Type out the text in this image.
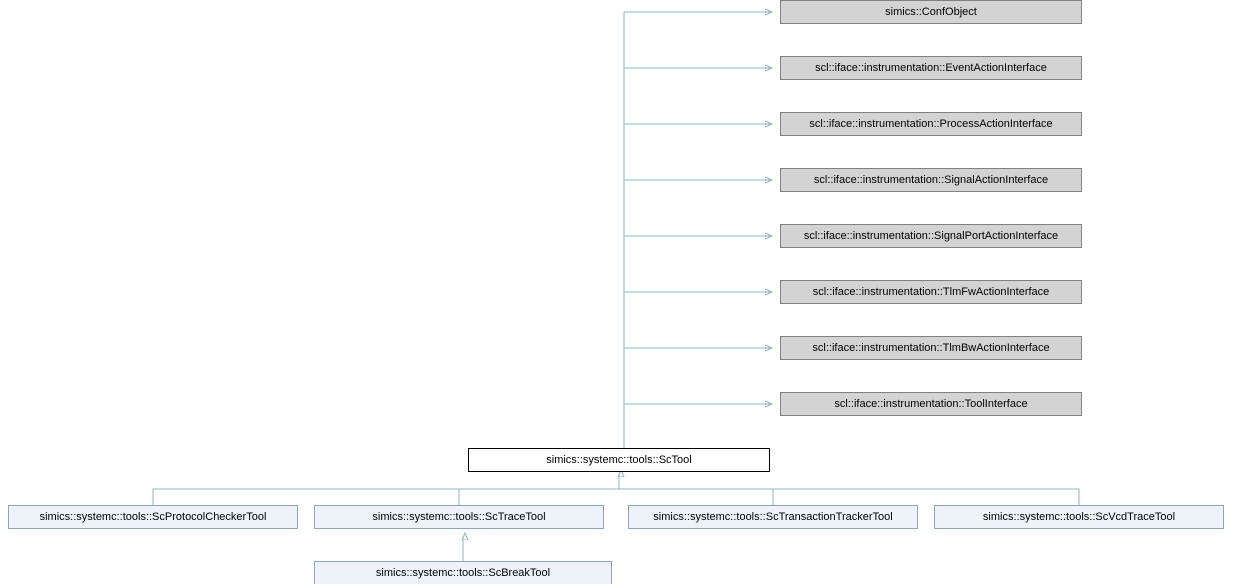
simics::ConfObject
scl::iface::instrumentation::EventActionInterface
scl::iface::instrumentation::ProcessActionInterface
scl::iface::instrumentation::SignalActionInterface
scl::iface::instrumentation::SignalPortActionInterface
scl::iface::instrumentation::TlmFwActionInterface
scl::iface::instrumentation::TlmBwActionInterface
scl::iface::instrumentation::ToolInterface
simics::systemc::tools::ScTool
simics::systemc::tools::ScProtocolCheckerTool	simics::systemc::tools::ScTraceTool	simics::systemc::tools::ScTransactionTrackerTool	simics::systemc::tools::ScVcdTraceTool
simics::systemc::tools::ScBreakTool
